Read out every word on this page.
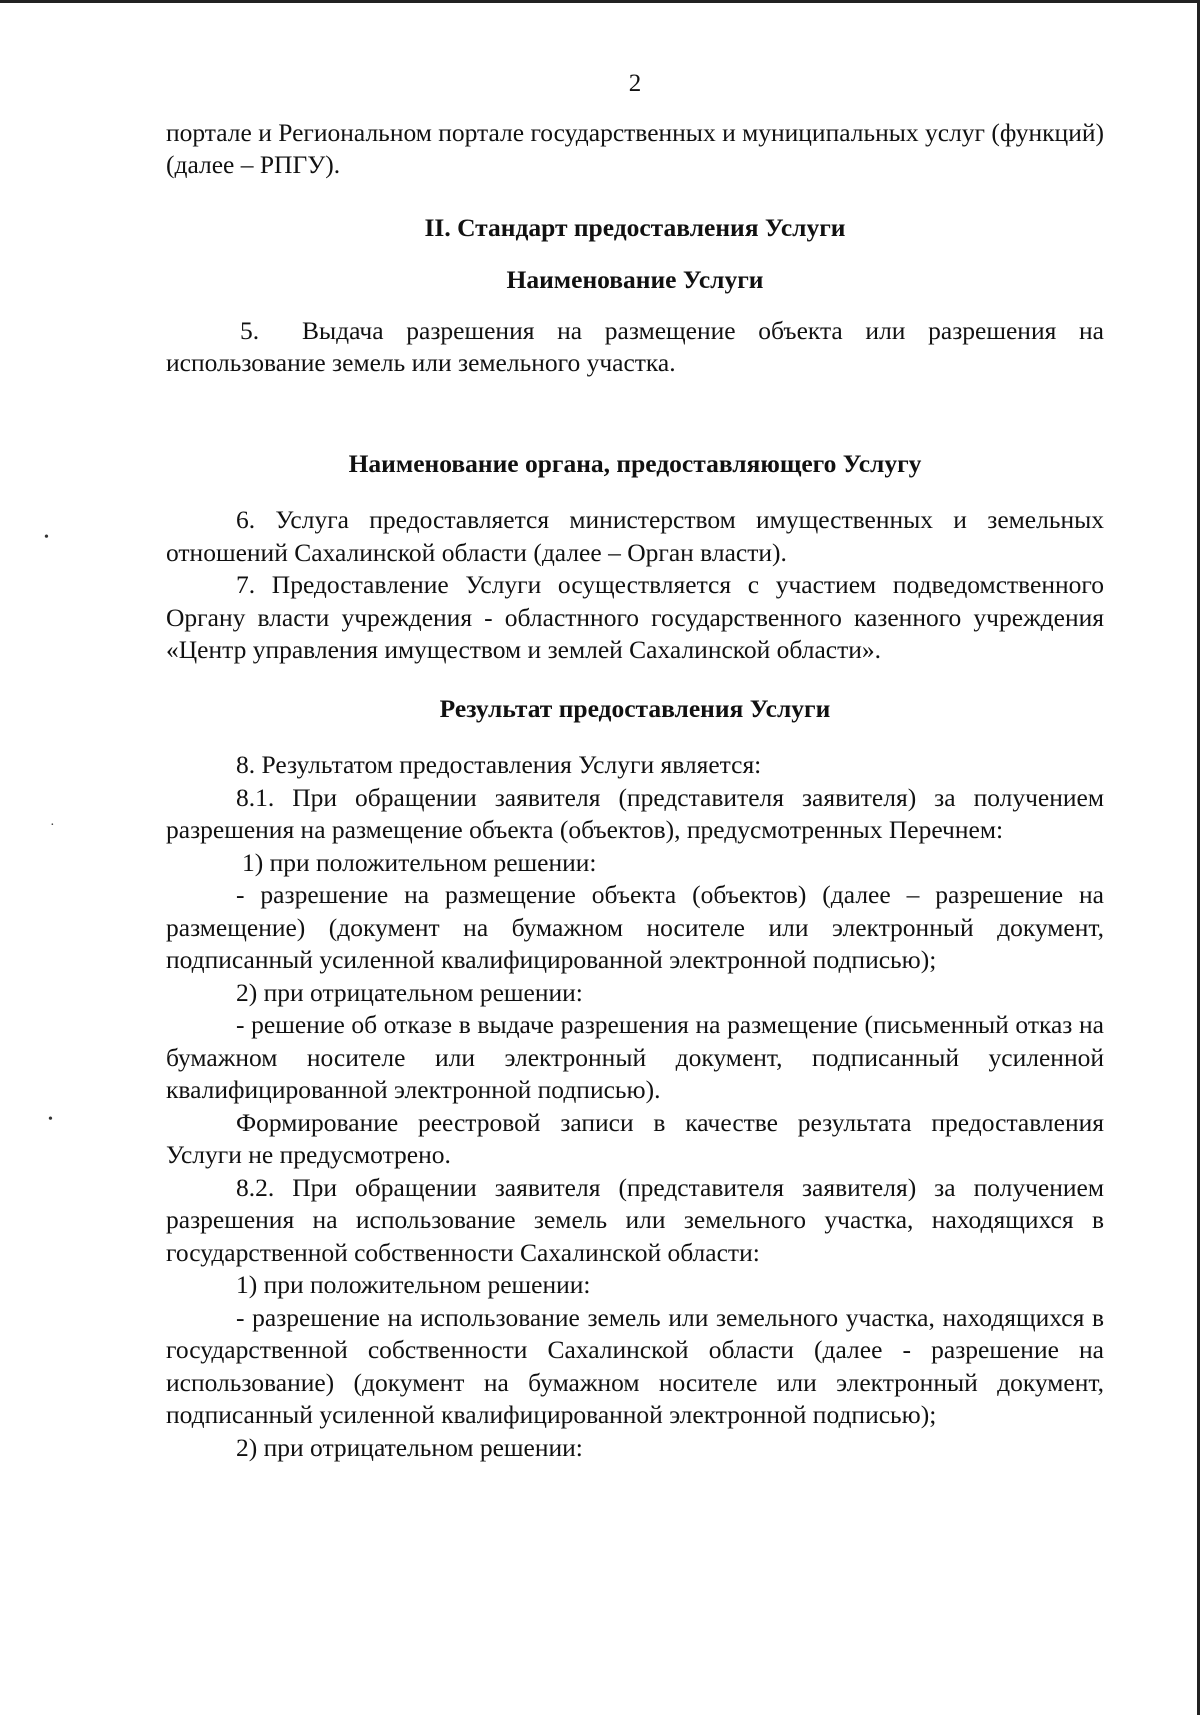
•
·
•
2

портале и Региональном портале государственных и муниципальных услуг (функций) (далее – РПГУ).

II. Стандарт предоставления Услуги
Наименование Услуги

5. Выдача разрешения на размещение объекта или разрешения на использование земель или земельного участка.

Наименование органа, предоставляющего Услугу

6. Услуга предоставляется министерством имущественных и земельных отношений Сахалинской области (далее – Орган власти).

7. Предоставление Услуги осуществляется с участием подведомственного Органу власти учреждения - областнного государственного казенного учреждения «Центр управления имуществом и землей Сахалинской области».

Результат предоставления Услуги

8. Результатом предоставления Услуги является:

8.1. При обращении заявителя (представителя заявителя) за получением разрешения на размещение объекта (объектов), предусмотренных Перечнем:

1) при положительном решении:

- разрешение на размещение объекта (объектов) (далее – разрешение на размещение) (документ на бумажном носителе или электронный документ, подписанный усиленной квалифицированной электронной подписью);

2) при отрицательном решении:

- решение об отказе в выдаче разрешения на размещение (письменный отказ на бумажном носителе или электронный документ, подписанный усиленной квалифицированной электронной подписью).

Формирование реестровой записи в качестве результата предоставления Услуги не предусмотрено.

8.2. При обращении заявителя (представителя заявителя) за получением разрешения на использование земель или земельного участка, находящихся в государственной собственности Сахалинской области:

1) при положительном решении:

- разрешение на использование земель или земельного участка, находящихся в государственной собственности Сахалинской области (далее - разрешение на использование) (документ на бумажном носителе или электронный документ, подписанный усиленной квалифицированной электронной подписью);

2) при отрицательном решении:
